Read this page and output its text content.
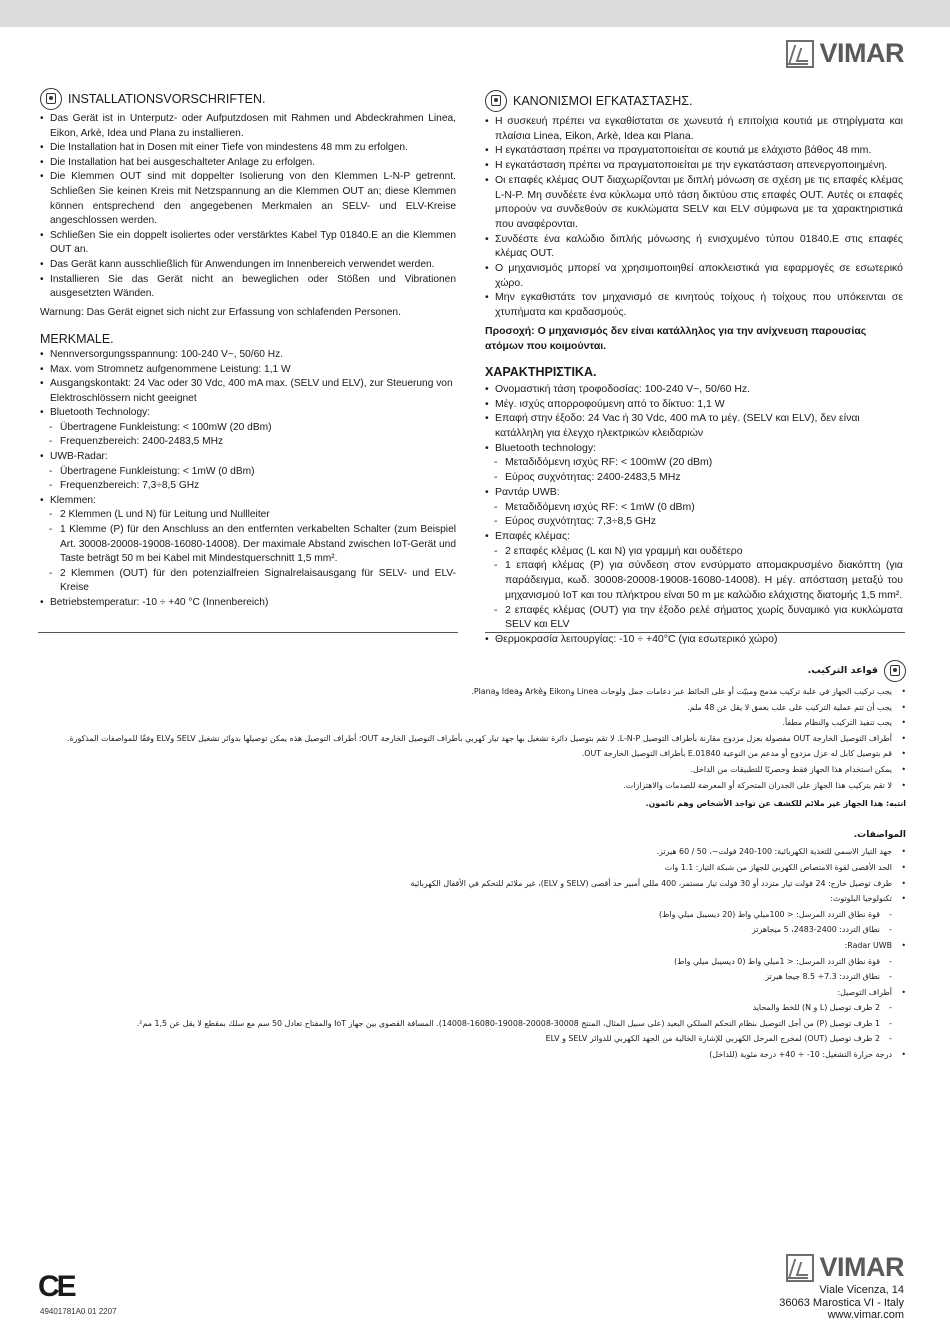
VIMAR
INSTALLATIONSVORSCHRIFTEN.
• Das Gerät ist in Unterputz- oder Aufputzdosen mit Rahmen und Abdeckrahmen Linea, Eikon, Arkè, Idea und Plana zu installieren.
• Die Installation hat in Dosen mit einer Tiefe von mindestens 48 mm zu erfolgen.
• Die Installation hat bei ausgeschalteter Anlage zu erfolgen.
• Die Klemmen OUT sind mit doppelter Isolierung von den Klemmen L-N-P getrennt. Schließen Sie keinen Kreis mit Netzspannung an die Klemmen OUT an; diese Klemmen können entsprechend den angegebenen Merkmalen an SELV- und ELV-Kreise angeschlossen werden.
• Schließen Sie ein doppelt isoliertes oder verstärktes Kabel Typ 01840.E an die Klemmen OUT an.
• Das Gerät kann ausschließlich für Anwendungen im Innenbereich verwendet werden.
• Installieren Sie das Gerät nicht an beweglichen oder Stößen und Vibrationen ausgesetzten Wänden.
Warnung: Das Gerät eignet sich nicht zur Erfassung von schlafenden Personen.
MERKMALE.
• Nennversorgungsspannung: 100-240 V~, 50/60 Hz.
• Max. vom Stromnetz aufgenommene Leistung: 1,1 W
• Ausgangskontakt: 24 Vac oder 30 Vdc, 400 mA max. (SELV und ELV), zur Steuerung von Elektroschlössern nicht geeignet
• Bluetooth Technology:
- Übertragene Funkleistung: < 100mW (20 dBm)
- Frequenzbereich: 2400-2483,5 MHz
• UWB-Radar:
- Übertragene Funkleistung: < 1mW (0 dBm)
- Frequenzbereich: 7,3÷8,5 GHz
• Klemmen:
- 2 Klemmen (L und N) für Leitung und Nullleiter
- 1 Klemme (P) für den Anschluss an den entfernten verkabelten Schalter (zum Beispiel Art. 30008-20008-19008-16080-14008). Der maximale Abstand zwischen IoT-Gerät und Taste beträgt 50 m bei Kabel mit Mindestquerschnitt 1,5 mm².
- 2 Klemmen (OUT) für den potenzialfreien Signalrelaisausgang für SELV- und ELV-Kreise
• Betriebstemperatur: -10 ÷ +40 °C (Innenbereich)
ΚΑΝΟΝΙΣΜΟΙ ΕΓΚΑΤΑΣΤΑΣΗΣ.
• Η συσκευή πρέπει να εγκαθίσταται σε χωνευτά ή επιτοίχια κουτιά με στηρίγματα και πλαίσια Linea, Eikon, Arkè, Idea και Plana.
• Η εγκατάσταση πρέπει να πραγματοποιείται σε κουτιά με ελάχιστο βάθος 48 mm.
• Η εγκατάσταση πρέπει να πραγματοποιείται με την εγκατάσταση απενεργοποιημένη.
• Οι επαφές κλέμας OUT διαχωρίζονται με διπλή μόνωση σε σχέση με τις επαφές κλέμας L-N-P. Μη συνδέετε ένα κύκλωμα υπό τάση δικτύου στις επαφές OUT. Αυτές οι επαφές μπορούν να συνδεθούν σε κυκλώματα SELV και ELV σύμφωνα με τα χαρακτηριστικά που αναφέρονται.
• Συνδέστε ένα καλώδιο διπλής μόνωσης ή ενισχυμένο τύπου 01840.E στις επαφές κλέμας OUT.
• Ο μηχανισμός μπορεί να χρησιμοποιηθεί αποκλειστικά για εφαρμογές σε εσωτερικό χώρο.
• Μην εγκαθιστάτε τον μηχανισμό σε κινητούς τοίχους ή τοίχους που υπόκεινται σε χτυπήματα και κραδασμούς.
Προσοχή: Ο μηχανισμός δεν είναι κατάλληλος για την ανίχνευση παρουσίας ατόμων που κοιμούνται.
ΧΑΡΑΚΤΗΡΙΣΤΙΚΑ.
• Ονομαστική τάση τροφοδοσίας: 100-240 V~, 50/60 Hz.
• Μέγ. ισχύς απορροφούμενη από το δίκτυο: 1,1 W
• Επαφή στην έξοδο: 24 Vac ή 30 Vdc, 400 mA το μέγ. (SELV και ELV), δεν είναι κατάλληλη για έλεγχο ηλεκτρικών κλειδαριών
• Bluetooth technology:
- Μεταδιδόμενη ισχύς RF: < 100mW (20 dBm)
- Εύρος συχνότητας: 2400-2483,5 MHz
• Ραντάρ UWB:
- Μεταδιδόμενη ισχύς RF: < 1mW (0 dBm)
- Εύρος συχνότητας: 7,3÷8,5 GHz
• Επαφές κλέμας:
- 2 επαφές κλέμας (L και N) για γραμμή και ουδέτερο
- 1 επαφή κλέμας (P) για σύνδεση στον ενσύρματο απομακρυσμένο διακόπτη (για παράδειγμα, κωδ. 30008-20008-19008-16080-14008). Η μέγ. απόσταση μεταξύ του μηχανισμού IoT και του πλήκτρου είναι 50 m με καλώδιο ελάχιστης διατομής 1,5 mm².
- 2 επαφές κλέμας (OUT) για την έξοδο ρελέ σήματος χωρίς δυναμικό για κυκλώματα SELV και ELV
• Θερμοκρασία λειτουργίας: -10 ÷ +40°C (για εσωτερικό χώρο)
قواعد التركيب.
• يجب تركيب الجهاز في علبة تركيب مدمج ومبيّت أو على الحائط عبر دعامات جمل ولوحات Linea وEikon وArkè وIdea وPlana.
• يجب أن تتم عملية التركيب على علب بعمق لا يقل عن 48 ملم.
• يجب تنفيذ التركيب والنظام مطفأ.
• أطراف التوصيل الخارجة OUT مفصولة بعزل مزدوج مقارنة بأطراف التوصيل L-N-P. لا تقم بتوصيل دائرة تشغيل بها جهد تيار كهربي بأطراف التوصيل الخارجة OUT؛ أطراف التوصيل هذه يمكن توصيلها بدوائر تشغيل SELV وELV وفقًا للمواصفات المذكورة.
• قم بتوصيل كابل له عزل مزدوج أو مدعم من النوعية 01840.E بأطراف التوصيل الخارجة OUT.
• يمكن استخدام هذا الجهاز فقط وحصريًا للتطبيقات من الداخل.
• لا تقم بتركيب هذا الجهاز على الجدران المتحركة أو المعرضة للصدمات والاهتزازات.
انتبه: هذا الجهاز غير ملائم للكشف عن تواجد الأشخاص وهم نائمون.
المواصفات.
• جهد التيار الاسمي للتغذية الكهربائية: 100-240 فولت~، 50 / 60 هيرتز.
• الحد الأقصى لقوة الامتصاص الكهربي للجهاز من شبكة التيار: 1.1 وات
• طرف توصيل خارج: 24 فولت تيار متردد أو 30 فولت تيار مستمر، 400 مللي أمبير حد أقصى (SELV و ELV)، غير ملائم للتحكم في الأقفال الكهربائية
• تكنولوجيا البلوتوث:
- قوة نطاق التردد المرسل: < 100ميلي واط (20 ديسيبل ميلي واط)
- نطاق التردد: 2400-2483، 5 ميجاهرتز
• Radar UWB:
- قوة نطاق التردد المرسل: < 1ميلي واط (0 ديسيبل ميلي واط)
- نطاق التردد: 7.3÷ 8.5 جيجا هيرتز
• أطراف التوصيل:
- 2 طرف توصيل (L و N) للخط والمحايد
- 1 طرف توصيل (P) من أجل التوصيل بنظام التحكم السلكي البعيد (على سبيل المثال، المنتج 30008-20008-19008-16080-14008). المسافة القصوى بين جهاز IoT والمفتاح تعادل 50 سم مع سلك بمقطع لا يقل عن 1,5 مم².
- 2 طرف توصيل (OUT) لمخرج المرحل الكهربي للإشارة الخالية من الجهد الكهربي للدوائر SELV و ELV
• درجة حرارة التشغيل: 10- ÷ 40+ درجة مئوية (للداخل)
CE
49401781A0 01 2207
VIMAR
Viale Vicenza, 14
36063 Marostica VI - Italy
www.vimar.com
